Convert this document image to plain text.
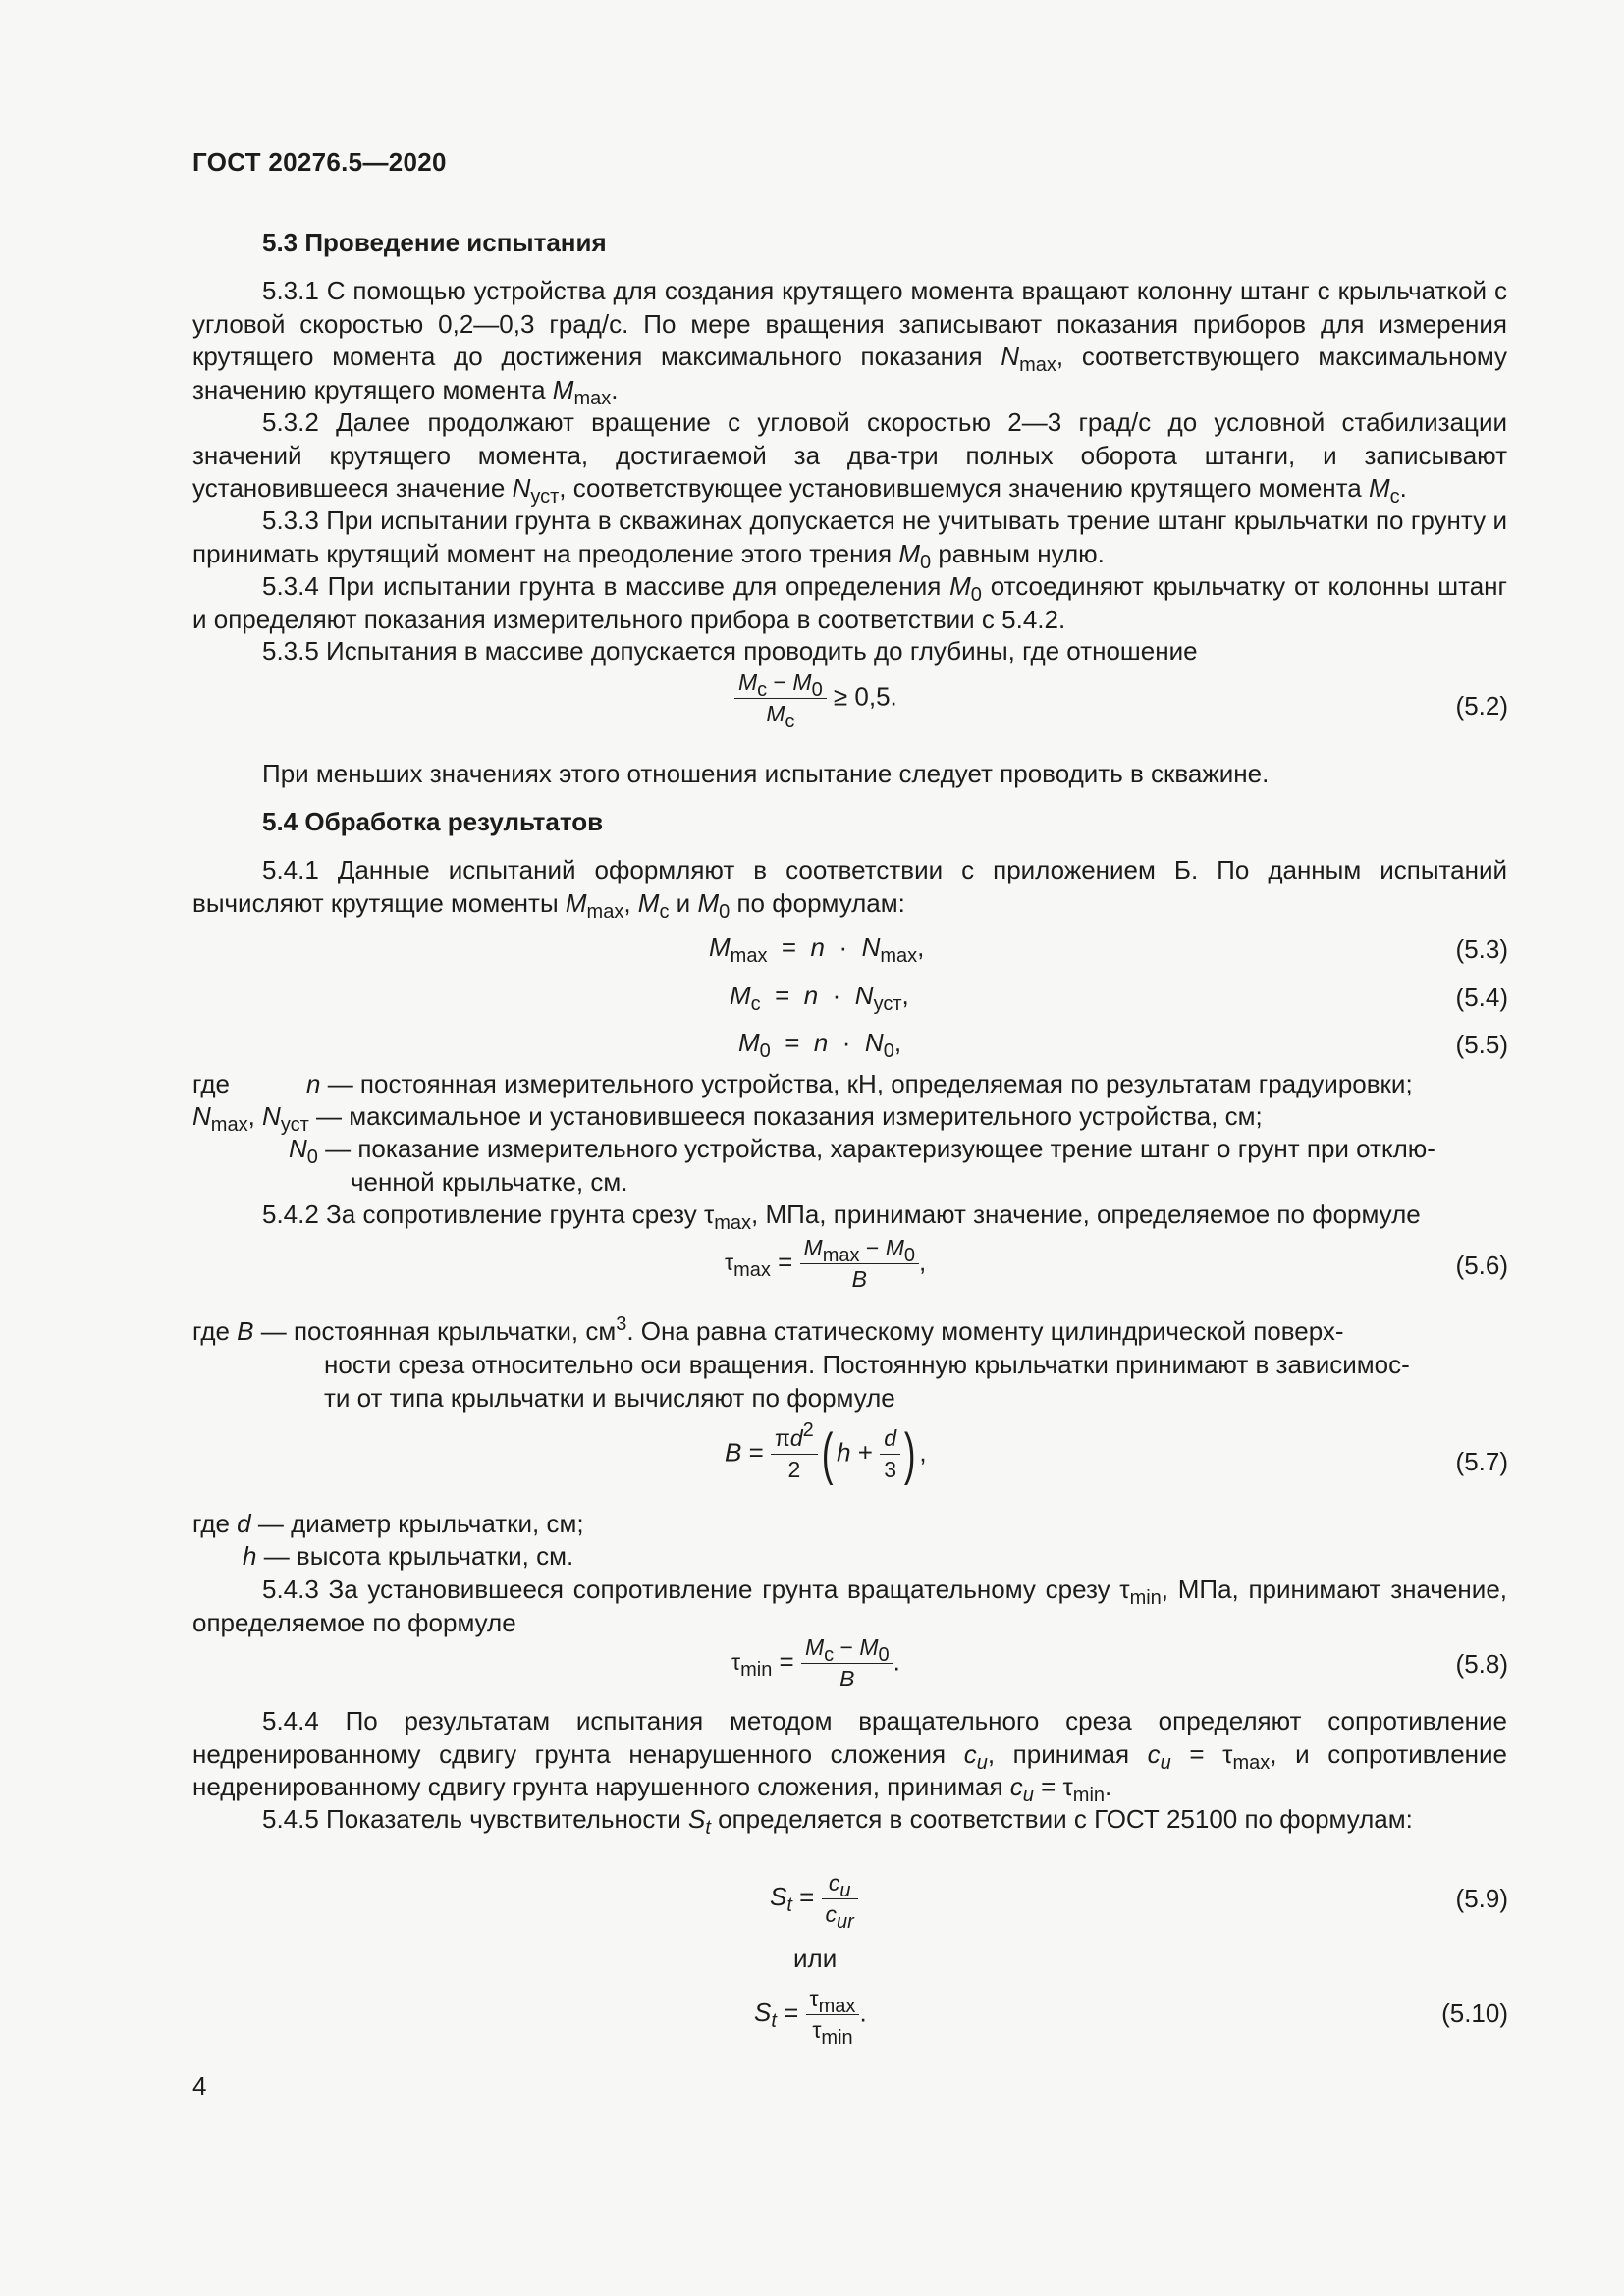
ГОСТ 20276.5—2020
5.3 Проведение испытания

5.3.1 С помощью устройства для создания крутящего момента вращают колонну штанг с крыльчаткой с угловой скоростью 0,2—0,3 град/с. По мере вращения записывают показания приборов для измерения крутящего момента до достижения максимального показания $N_{max}$, соответствующего максимальному значению крутящего момента $M_{max}$.

5.3.2 Далее продолжают вращение с угловой скоростью 2—3 град/с до условной стабилизации значений крутящего момента, достигаемой за два-три полных оборота штанги, и записывают установившееся значение $N_{уст}$, соответствующее установившемуся значению крутящего момента $M_c$.

5.3.3 При испытании грунта в скважинах допускается не учитывать трение штанг крыльчатки по грунту и принимать крутящий момент на преодоление этого трения $M_0$ равным нулю.

5.3.4 При испытании грунта в массиве для определения $M_0$ отсоединяют крыльчатку от колонны штанг и определяют показания измерительного прибора в соответствии с 5.4.2.

5.3.5 Испытания в массиве допускается проводить до глубины, где отношение
$\frac{M_c - M_0}{M_c} \ge 0,5$.	(5.2)
При меньших значениях этого отношения испытание следует проводить в скважине.
5.4 Обработка результатов

5.4.1 Данные испытаний оформляют в соответствии с приложением Б. По данным испытаний вычисляют крутящие моменты $M_{max}$, $M_c$ и $M_0$ по формулам:

$M_{max} = n \cdot N_{max}$,	(5.3)
$M_c = n \cdot N_{уст}$,	(5.4)
$M_0 = n \cdot N_0$,	(5.5)
где	n — постоянная измерительного устройства, кН, определяемая по результатам градуировки;
$N_{max}$, $N_{уст}$ — максимальное и установившееся показания измерительного устройства, см;
$N_0$ — показание измерительного устройства, характеризующее трение штанг о грунт при отклю-
ченной крыльчатке, см.
5.4.2 За сопротивление грунта срезу $\tau_{max}$, МПа, принимают значение, определяемое по формуле
$\tau_{max} = \frac{M_{max} - M_0}{B}$ ,	(5.6)
где B — постоянная крыльчатки, $см^3$. Она равна статическому моменту цилиндрической поверх-
ности среза относительно оси вращения. Постоянную крыльчатки принимают в зависимос-
ти от типа крыльчатки и вычисляют по формуле
$B = \frac{\pi d^2}{2}$ ( $h + \frac{d}{3}$ ) ,	(5.7)
где d — диаметр крыльчатки, см;
h — высота крыльчатки, см.

5.4.3 За установившееся сопротивление грунта вращательному срезу $\tau_{min}$, МПа, принимают значение, определяемое по формуле

$\tau_{min} = \frac{M_c - M_0}{B}$ .	(5.8)

5.4.4 По результатам испытания методом вращательного среза определяют сопротивление недренированному сдвигу грунта ненарушенного сложения $c_u$, принимая $c_u = \tau_{max}$, и сопротивление недренированному сдвигу грунта нарушенного сложения, принимая $c_u = \tau_{min}$.

5.4.5 Показатель чувствительности $S_t$ определяется в соответствии с ГОСТ 25100 по формулам:

$S_t = \frac{c_u}{c_{ur}}$	(5.9)
или
$S_t = \frac{\tau_{max}}{\tau_{min}}$ .	(5.10)
4
